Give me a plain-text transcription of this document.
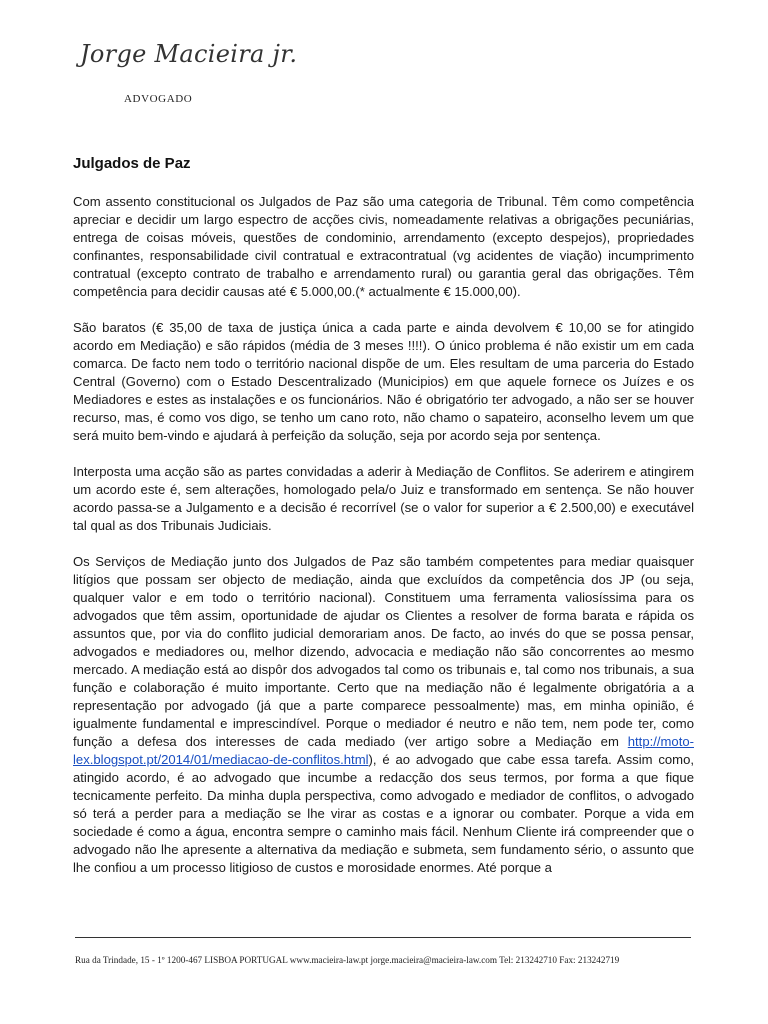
Jorge Macieira jr.
ADVOGADO
Julgados de Paz

Com assento constitucional os Julgados de Paz são uma categoria de Tribunal. Têm como competência apreciar e decidir um largo espectro de acções civis, nomeadamente relativas a obrigações pecuniárias, entrega de coisas móveis, questões de condominio, arrendamento (excepto despejos), propriedades confinantes, responsabilidade civil contratual e extracontratual (vg acidentes de viação) incumprimento contratual (excepto contrato de trabalho e arrendamento rural) ou garantia geral das obrigações. Têm competência para decidir causas até € 5.000,00.(* actualmente € 15.000,00).

São baratos (€ 35,00 de taxa de justiça única a cada parte e ainda devolvem € 10,00 se for atingido acordo em Mediação) e são rápidos (média de 3 meses !!!!). O único problema é não existir um em cada comarca. De facto nem todo o território nacional dispõe de um. Eles resultam de uma parceria do Estado Central (Governo) com o Estado Descentralizado (Municipios) em que aquele fornece os Juízes e os Mediadores e estes as instalações e os funcionários. Não é obrigatório ter advogado, a não ser se houver recurso, mas, é como vos digo, se tenho um cano roto, não chamo o sapateiro, aconselho levem um que será muito bem-vindo e ajudará à perfeição da solução, seja por acordo seja por sentença.

Interposta uma acção são as partes convidadas a aderir à Mediação de Conflitos. Se aderirem e atingirem um acordo este é, sem alterações, homologado pela/o Juiz e transformado em sentença. Se não houver acordo passa-se a Julgamento e a decisão é recorrível (se o valor for superior a € 2.500,00) e executável tal qual as dos Tribunais Judiciais.

Os Serviços de Mediação junto dos Julgados de Paz são também competentes para mediar quaisquer litígios que possam ser objecto de mediação, ainda que excluídos da competência dos JP (ou seja, qualquer valor e em todo o território nacional). Constituem uma ferramenta valiosíssima para os advogados que têm assim, oportunidade de ajudar os Clientes a resolver de forma barata e rápida os assuntos que, por via do conflito judicial demorariam anos. De facto, ao invés do que se possa pensar, advogados e mediadores ou, melhor dizendo, advocacia e mediação não são concorrentes ao mesmo mercado. A mediação está ao dispôr dos advogados tal como os tribunais e, tal como nos tribunais, a sua função e colaboração é muito importante. Certo que na mediação não é legalmente obrigatória a a representação por advogado (já que a parte comparece pessoalmente) mas, em minha opinião, é igualmente fundamental e imprescindível. Porque o mediador é neutro e não tem, nem pode ter, como função a defesa dos interesses de cada mediado (ver artigo sobre a Mediação em http://moto-lex.blogspot.pt/2014/01/mediacao-de-conflitos.html), é ao advogado que cabe essa tarefa. Assim como, atingido acordo, é ao advogado que incumbe a redacção dos seus termos, por forma a que fique tecnicamente perfeito. Da minha dupla perspectiva, como advogado e mediador de conflitos, o advogado só terá a perder para a mediação se lhe virar as costas e a ignorar ou combater. Porque a vida em sociedade é como a água, encontra sempre o caminho mais fácil. Nenhum Cliente irá compreender que o advogado não lhe apresente a alternativa da mediação e submeta, sem fundamento sério, o assunto que lhe confiou a um processo litigioso de custos e morosidade enormes. Até porque a

Rua da Trindade, 15 - 1º 1200-467 LISBOA PORTUGAL www.macieira-law.pt jorge.macieira@macieira-law.com Tel: 213242710 Fax: 213242719
